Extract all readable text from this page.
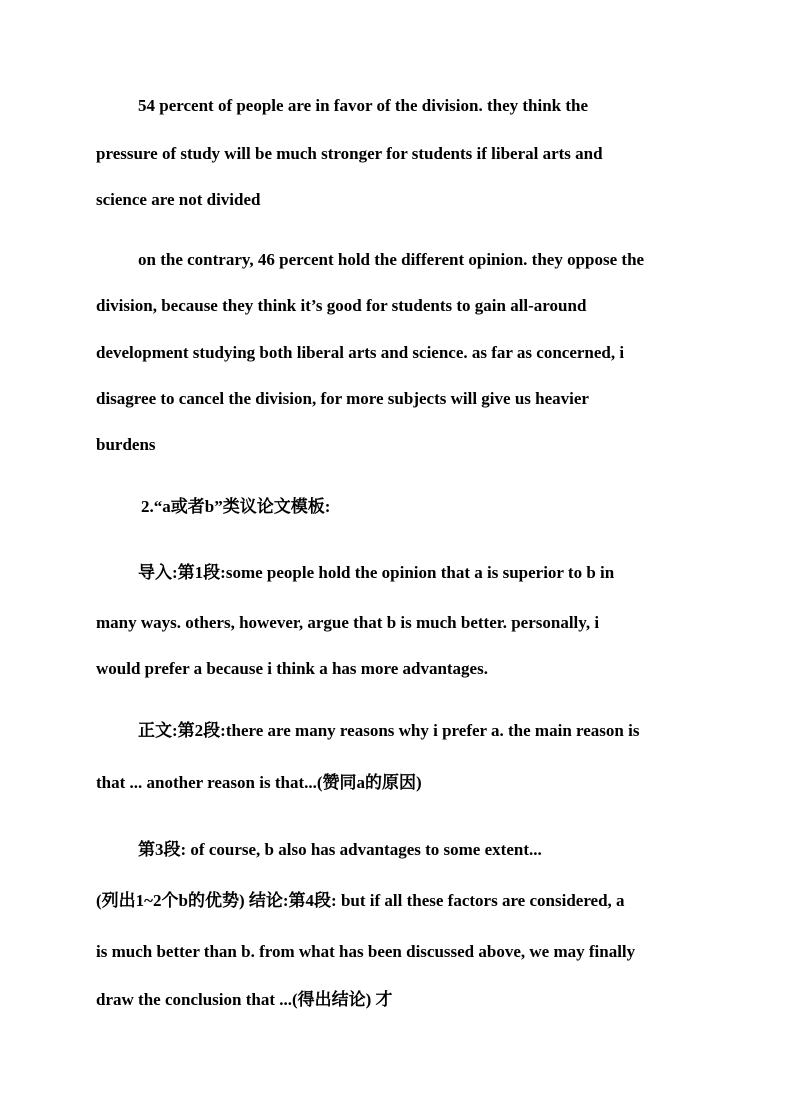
54 percent of people are in favor of the division. they think the
pressure of study will be much stronger for students if liberal arts and
science are not divided
on the contrary, 46 percent hold the different opinion. they oppose the
division, because they think it’s good for students to gain all-around
development studying both liberal arts and science. as far as concerned, i
disagree to cancel the division, for more subjects will give us heavier
burdens
2.“a或者b”类议论文模板:
导入:第1段:some people hold the opinion that a is superior to b in
many ways. others, however, argue that b is much better. personally, i
would prefer a because i think a has more advantages.
正文:第2段:there are many reasons why i prefer a. the main reason is
that ... another reason is that...(赞同a的原因)
第3段: of course, b also has advantages to some extent...
(列出1~2个b的优势) 结论:第4段: but if all these factors are considered, a
is much better than b. from what has been discussed above, we may finally
draw the conclusion that ...(得出结论) 才
